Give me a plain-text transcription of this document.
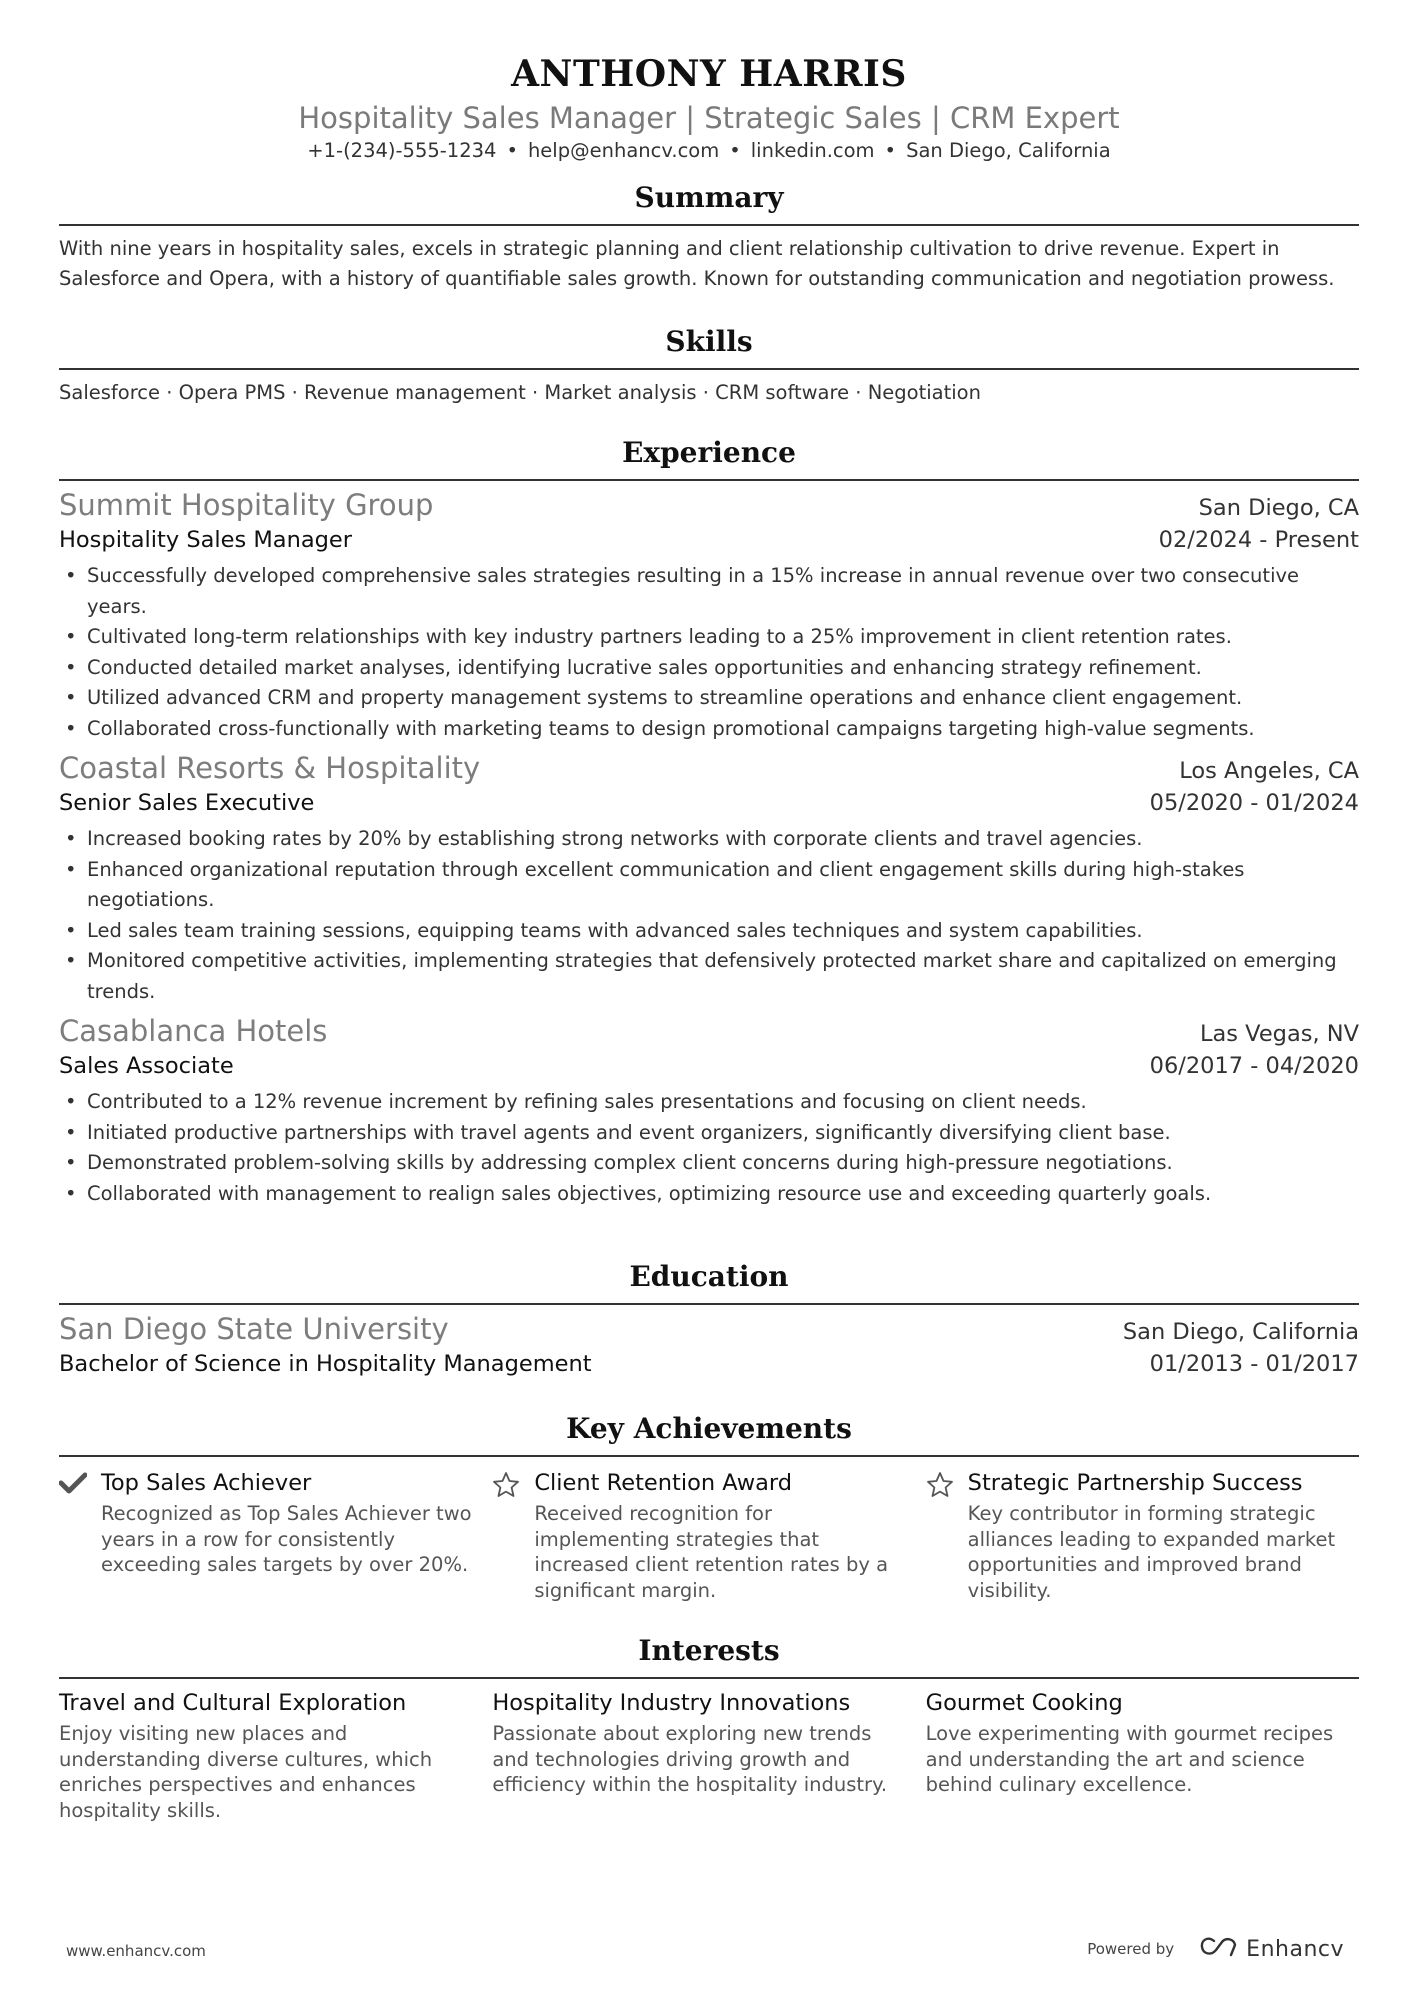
ANTHONY HARRIS
Hospitality Sales Manager | Strategic Sales | CRM Expert
+1-(234)-555-1234 • help@enhancv.com • linkedin.com • San Diego, California
Summary
With nine years in hospitality sales, excels in strategic planning and client relationship cultivation to drive revenue. Expert in Salesforce and Opera, with a history of quantifiable sales growth. Known for outstanding communication and negotiation prowess.
Skills
Salesforce · Opera PMS · Revenue management · Market analysis · CRM software · Negotiation
Experience
Summit Hospitality Group	San Diego, CA
Hospitality Sales Manager	02/2024 - Present
• Successfully developed comprehensive sales strategies resulting in a 15% increase in annual revenue over two consecutive years.
• Cultivated long-term relationships with key industry partners leading to a 25% improvement in client retention rates.
• Conducted detailed market analyses, identifying lucrative sales opportunities and enhancing strategy refinement.
• Utilized advanced CRM and property management systems to streamline operations and enhance client engagement.
• Collaborated cross-functionally with marketing teams to design promotional campaigns targeting high-value segments.
Coastal Resorts & Hospitality	Los Angeles, CA
Senior Sales Executive	05/2020 - 01/2024
• Increased booking rates by 20% by establishing strong networks with corporate clients and travel agencies.
• Enhanced organizational reputation through excellent communication and client engagement skills during high-stakes negotiations.
• Led sales team training sessions, equipping teams with advanced sales techniques and system capabilities.
• Monitored competitive activities, implementing strategies that defensively protected market share and capitalized on emerging trends.
Casablanca Hotels	Las Vegas, NV
Sales Associate	06/2017 - 04/2020
• Contributed to a 12% revenue increment by refining sales presentations and focusing on client needs.
• Initiated productive partnerships with travel agents and event organizers, significantly diversifying client base.
• Demonstrated problem-solving skills by addressing complex client concerns during high-pressure negotiations.
• Collaborated with management to realign sales objectives, optimizing resource use and exceeding quarterly goals.
Education
San Diego State University	San Diego, California
Bachelor of Science in Hospitality Management	01/2013 - 01/2017
Key Achievements
Top Sales Achiever
Recognized as Top Sales Achiever two years in a row for consistently exceeding sales targets by over 20%.
Client Retention Award
Received recognition for implementing strategies that increased client retention rates by a significant margin.
Strategic Partnership Success
Key contributor in forming strategic alliances leading to expanded market opportunities and improved brand visibility.
Interests
Travel and Cultural Exploration
Enjoy visiting new places and understanding diverse cultures, which enriches perspectives and enhances hospitality skills.
Hospitality Industry Innovations
Passionate about exploring new trends and technologies driving growth and efficiency within the hospitality industry.
Gourmet Cooking
Love experimenting with gourmet recipes and understanding the art and science behind culinary excellence.
www.enhancv.com	Powered by	Enhancv
